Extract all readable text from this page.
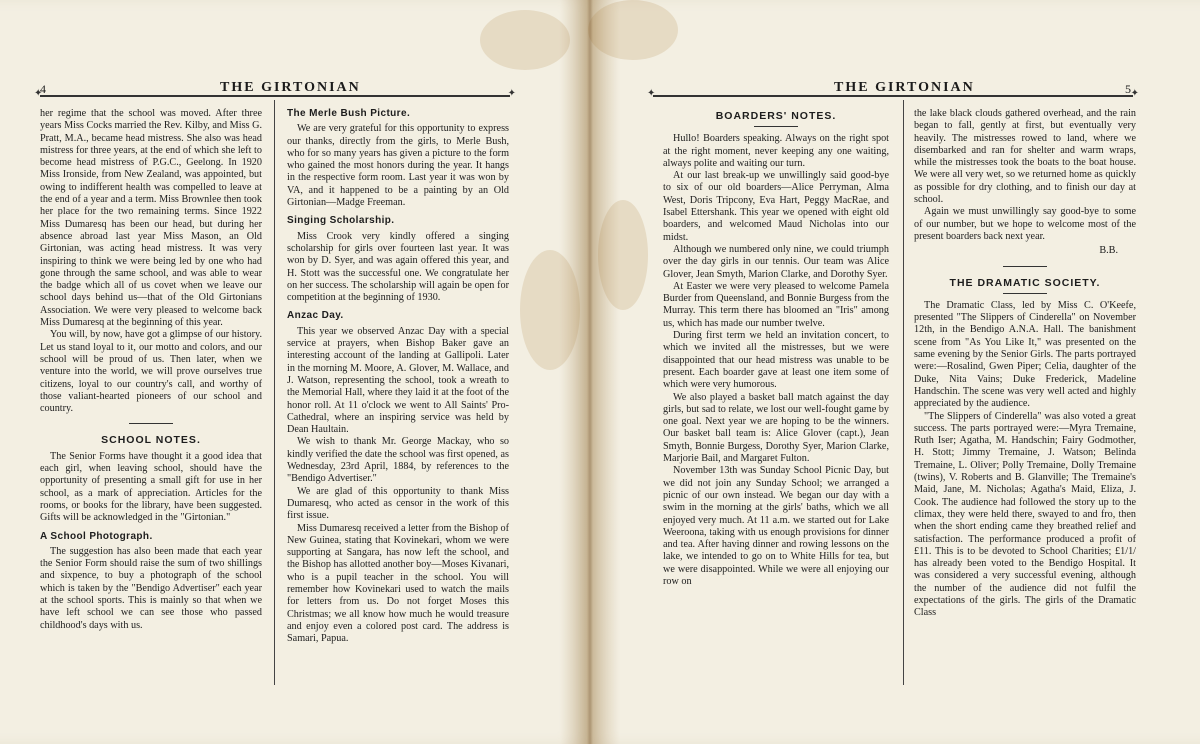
4	THE GIRTONIAN
✦ ✦

her regime that the school was moved. After three years Miss Cocks married the Rev. Kilby, and Miss G. Pratt, M.A., became head mistress. She also was head mistress for three years, at the end of which she left to become head mistress of P.G.C., Geelong. In 1920 Miss Ironside, from New Zealand, was appointed, but owing to indifferent health was compelled to leave at the end of a year and a term. Miss Brownlee then took her place for the two remaining terms. Since 1922 Miss Dumaresq has been our head, but during her absence abroad last year Miss Mason, an Old Girtonian, was acting head mistress. It was very inspiring to think we were being led by one who had gone through the same school, and was able to wear the badge which all of us covet when we leave our school days behind us—that of the Old Girtonians Association. We were very pleased to welcome back Miss Dumaresq at the beginning of this year.

You will, by now, have got a glimpse of our history. Let us stand loyal to it, our motto and colors, and our school will be proud of us. Then later, when we venture into the world, we will prove ourselves true citizens, loyal to our country's call, and worthy of those valiant-hearted pioneers of our school and country.

SCHOOL NOTES.

The Senior Forms have thought it a good idea that each girl, when leaving school, should have the opportunity of presenting a small gift for use in her school, as a mark of appreciation. Articles for the rooms, or books for the library, have been suggested. Gifts will be acknowledged in the "Girtonian."

A School Photograph.

The suggestion has also been made that each year the Senior Form should raise the sum of two shillings and sixpence, to buy a photograph of the school which is taken by the "Bendigo Advertiser" each year at the school sports. This is mainly so that when we have left school we can see those who passed childhood's days with us.

The Merle Bush Picture.

We are very grateful for this opportunity to express our thanks, directly from the girls, to Merle Bush, who for so many years has given a picture to the form who gained the most honors during the year. It hangs in the respective form room. Last year it was won by VA, and it happened to be a painting by an Old Girtonian—Madge Freeman.

Singing Scholarship.

Miss Crook very kindly offered a singing scholarship for girls over fourteen last year. It was won by D. Syer, and was again offered this year, and H. Stott was the successful one. We congratulate her on her success. The scholarship will again be open for competition at the beginning of 1930.

Anzac Day.

This year we observed Anzac Day with a special service at prayers, when Bishop Baker gave an interesting account of the landing at Gallipoli. Later in the morning M. Moore, A. Glover, M. Wallace, and J. Watson, representing the school, took a wreath to the Memorial Hall, where they laid it at the foot of the honor roll. At 11 o'clock we went to All Saints' Pro-Cathedral, where an inspiring service was held by Dean Haultain.

We wish to thank Mr. George Mackay, who so kindly verified the date the school was first opened, as Wednesday, 23rd April, 1884, by references to the "Bendigo Advertiser."

We are glad of this opportunity to thank Miss Dumaresq, who acted as censor in the work of this first issue.

Miss Dumaresq received a letter from the Bishop of New Guinea, stating that Kovinekari, whom we were supporting at Sangara, has now left the school, and the Bishop has allotted another boy—Moses Kivanari, who is a pupil teacher in the school. You will remember how Kovinekari used to watch the mails for letters from us. Do not forget Moses this Christmas; we all know how much he would treasure and enjoy even a colored post card. The address is Samari, Papua.

THE GIRTONIAN	5
✦ ✦
BOARDERS' NOTES.

Hullo! Boarders speaking. Always on the right spot at the right moment, never keeping any one waiting, always polite and waiting our turn.

At our last break-up we unwillingly said good-bye to six of our old boarders—Alice Perryman, Alma West, Doris Tripcony, Eva Hart, Peggy MacRae, and Isabel Ettershank. This year we opened with eight old boarders, and welcomed Maud Nicholas into our midst.

Although we numbered only nine, we could triumph over the day girls in our tennis. Our team was Alice Glover, Jean Smyth, Marion Clarke, and Dorothy Syer.

At Easter we were very pleased to welcome Pamela Burder from Queensland, and Bonnie Burgess from the Murray. This term there has bloomed an "Iris" among us, which has made our number twelve.

During first term we held an invitation concert, to which we invited all the mistresses, but we were disappointed that our head mistress was unable to be present. Each boarder gave at least one item some of which were very humorous.

We also played a basket ball match against the day girls, but sad to relate, we lost our well-fought game by one goal. Next year we are hoping to be the winners. Our basket ball team is: Alice Glover (capt.), Jean Smyth, Bonnie Burgess, Dorothy Syer, Marion Clarke, Marjorie Bail, and Margaret Fulton.

November 13th was Sunday School Picnic Day, but we did not join any Sunday School; we arranged a picnic of our own instead. We began our day with a swim in the morning at the girls' baths, which we all enjoyed very much. At 11 a.m. we started out for Lake Weeroona, taking with us enough provisions for dinner and tea. After having dinner and rowing lessons on the lake, we intended to go on to White Hills for tea, but we were disappointed. While we were all enjoying our row on

the lake black clouds gathered overhead, and the rain began to fall, gently at first, but eventually very heavily. The mistresses rowed to land, where we disembarked and ran for shelter and warm wraps, while the mistresses took the boats to the boat house. We were all very wet, so we returned home as quickly as possible for dry clothing, and to finish our day at school.

Again we must unwillingly say good-bye to some of our number, but we hope to welcome most of the present boarders back next year.

B.B.
THE DRAMATIC SOCIETY.

The Dramatic Class, led by Miss C. O'Keefe, presented "The Slippers of Cinderella" on November 12th, in the Bendigo A.N.A. Hall. The banishment scene from "As You Like It," was presented on the same evening by the Senior Girls. The parts portrayed were:—Rosalind, Gwen Piper; Celia, daughter of the Duke, Nita Vains; Duke Frederick, Madeline Handschin. The scene was very well acted and highly appreciated by the audience.

"The Slippers of Cinderella" was also voted a great success. The parts portrayed were:—Myra Tremaine, Ruth Iser; Agatha, M. Handschin; Fairy Godmother, H. Stott; Jimmy Tremaine, J. Watson; Belinda Tremaine, L. Oliver; Polly Tremaine, Dolly Tremaine (twins), V. Roberts and B. Glanville; The Tremaine's Maid, Jane, M. Nicholas; Agatha's Maid, Eliza, J. Cook. The audience had followed the story up to the climax, they were held there, swayed to and fro, then when the short ending came they breathed relief and satisfaction. The performance produced a profit of £11. This is to be devoted to School Charities; £1/1/ has already been voted to the Bendigo Hospital. It was considered a very successful evening, although the number of the audience did not fulfil the expectations of the girls. The girls of the Dramatic Class
